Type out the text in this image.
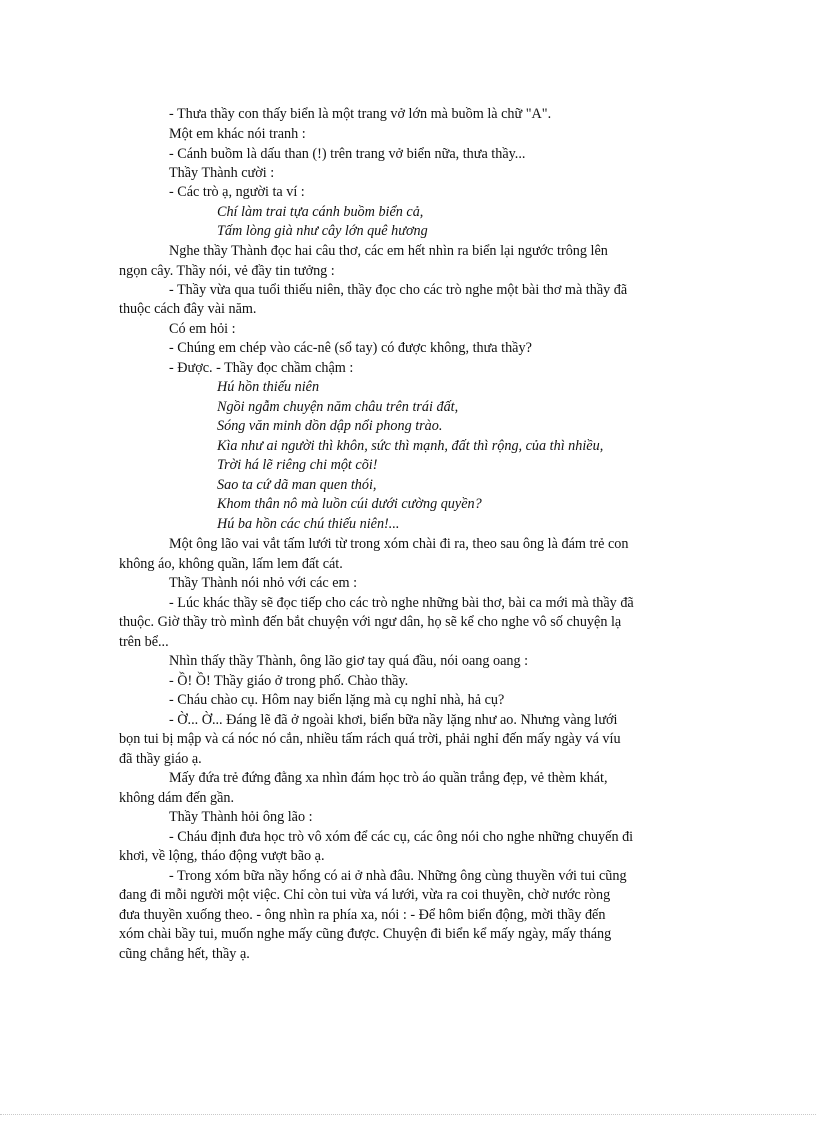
- Thưa thầy con thấy biển là một trang vở lớn mà buồm là chữ "A".

Một em khác nói tranh :

- Cánh buồm là dấu than (!) trên trang vở biển nữa, thưa thầy...

Thầy Thành cười :

- Các trò ạ, người ta ví :

Chí làm trai tựa cánh buồm biển cả,

Tấm lòng già như cây lớn quê hương

Nghe thầy Thành đọc hai câu thơ, các em hết nhìn ra biển lại ngước trông lên

ngọn cây. Thầy nói, vẻ đầy tin tưởng :

- Thầy vừa qua tuổi thiếu niên, thầy đọc cho các trò nghe một bài thơ mà thầy đã

thuộc cách đây vài năm.

Có em hỏi :

- Chúng em chép vào các-nê (sổ tay) có được không, thưa thầy?

- Được. - Thầy đọc chầm chậm :

Hú hồn thiếu niên

Ngồi ngẫm chuyện năm châu trên trái đất,

Sóng văn minh dồn dập nổi phong trào.

Kìa như ai người thì khôn, sức thì mạnh, đất thì rộng, của thì nhiều,

Trời há lẽ riêng chi một cõi!

Sao ta cứ dã man quen thói,

Khom thân nô mà luồn cúi dưới cường quyền?

Hú ba hồn các chú thiếu niên!...

Một ông lão vai vắt tấm lưới từ trong xóm chài đi ra, theo sau ông là đám trẻ con

không áo, không quần, lấm lem đất cát.

Thầy Thành nói nhỏ với các em :

- Lúc khác thầy sẽ đọc tiếp cho các trò nghe những bài thơ, bài ca mới mà thầy đã

thuộc. Giờ thầy trò mình đến bắt chuyện với ngư dân, họ sẽ kể cho nghe vô số chuyện lạ

trên bể...

Nhìn thấy thầy Thành, ông lão giơ tay quá đầu, nói oang oang :

- Ồ! Ồ! Thầy giáo ở trong phố. Chào thầy.

- Cháu chào cụ. Hôm nay biển lặng mà cụ nghỉ nhà, hả cụ?

- Ờ... Ờ... Đáng lẽ đã ở ngoài khơi, biển bữa nầy lặng như ao. Nhưng vàng lưới

bọn tui bị mập và cá nóc nó cắn, nhiều tấm rách quá trời, phải nghỉ đến mấy ngày vá víu

đã thầy giáo ạ.

Mấy đứa trẻ đứng đằng xa nhìn đám học trò áo quần trắng đẹp, vẻ thèm khát,

không dám đến gần.

Thầy Thành hỏi ông lão :

- Cháu định đưa học trò vô xóm để các cụ, các ông nói cho nghe những chuyến đi

khơi, về lộng, tháo động vượt bão ạ.

- Trong xóm bữa nầy hổng có ai ở nhà đâu. Những ông cùng thuyền với tui cũng

đang đi mỗi người một việc. Chỉ còn tui vừa vá lưới, vừa ra coi thuyền, chờ nước ròng

đưa thuyền xuống theo. - ông nhìn ra phía xa, nói : - Để hôm biển động, mời thầy đến

xóm chài bầy tui, muốn nghe mấy cũng được. Chuyện đi biển kể mấy ngày, mấy tháng

cũng chẳng hết, thầy ạ.
